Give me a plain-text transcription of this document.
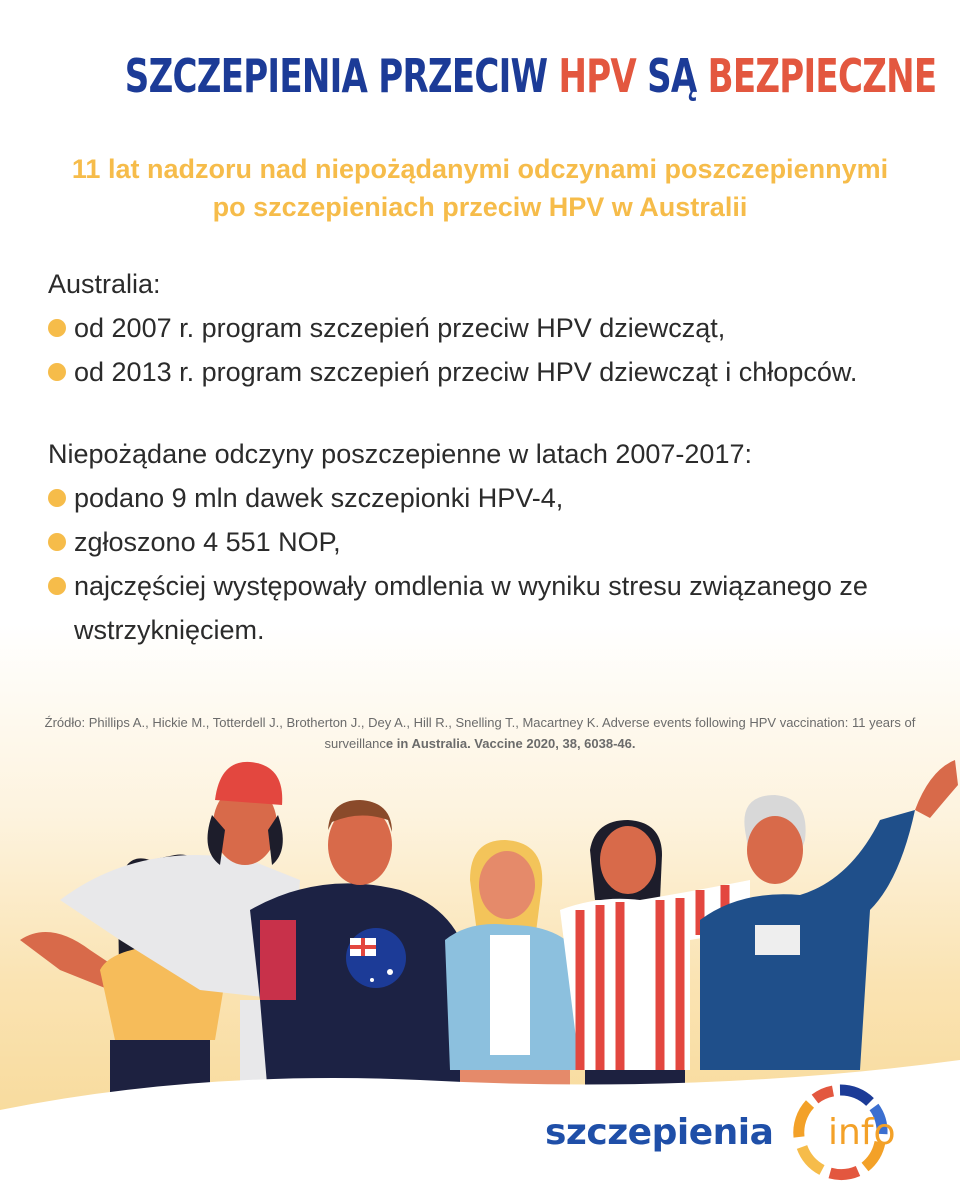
SZCZEPIENIA PRZECIW HPV SĄ BEZPIECZNE

11 lat nadzoru nad niepożądanymi odczynami poszczepiennymi
po szczepieniach przeciw HPV w Australii

Australia:

od 2007 r. program szczepień przeciw HPV dziewcząt,
od 2013 r. program szczepień przeciw HPV dziewcząt i chłopców.

Niepożądane odczyny poszczepienne w latach 2007-2017:

podano 9 mln dawek szczepionki HPV-4,
zgłoszono 4 551 NOP,
najczęściej występowały omdlenia w wyniku stresu związanego ze wstrzyknięciem.

Źródło: Phillips A., Hickie M., Totterdell J., Brotherton J., Dey A., Hill R., Snelling T., Macartney K. Adverse events following HPV vaccination: 11 years of surveillance in Australia. Vaccine 2020, 38, 6038-46.

szczepienia info
